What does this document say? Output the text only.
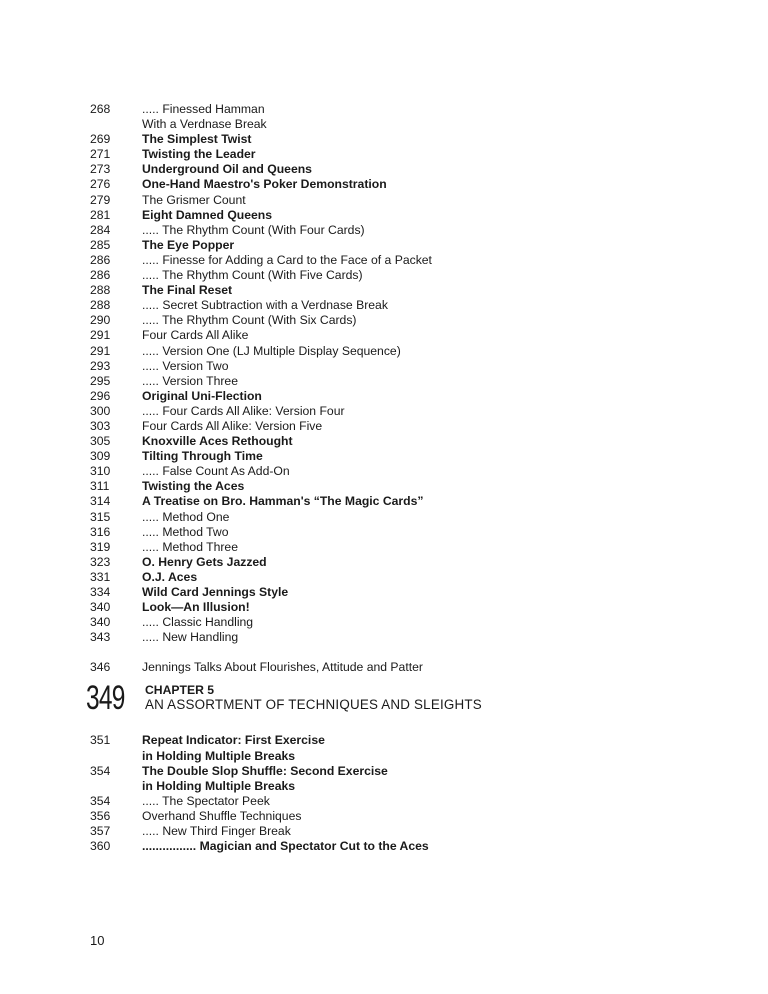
268	..... Finessed Hamman
With a Verdnase Break
269	The Simplest Twist
271	Twisting the Leader
273	Underground Oil and Queens
276	One-Hand Maestro's Poker Demonstration
279	The Grismer Count
281	Eight Damned Queens
284	..... The Rhythm Count (With Four Cards)
285	The Eye Popper
286	..... Finesse for Adding a Card to the Face of a Packet
286	..... The Rhythm Count (With Five Cards)
288	The Final Reset
288	..... Secret Subtraction with a Verdnase Break
290	..... The Rhythm Count (With Six Cards)
291	Four Cards All Alike
291	..... Version One (LJ Multiple Display Sequence)
293	..... Version Two
295	..... Version Three
296	Original Uni-Flection
300	..... Four Cards All Alike: Version Four
303	Four Cards All Alike: Version Five
305	Knoxville Aces Rethought
309	Tilting Through Time
310	..... False Count As Add-On
311	Twisting the Aces
314	A Treatise on Bro. Hamman's “The Magic Cards”
315	..... Method One
316	..... Method Two
319	..... Method Three
323	O. Henry Gets Jazzed
331	O.J. Aces
334	Wild Card Jennings Style
340	Look—An Illusion!
340	..... Classic Handling
343	..... New Handling
346	Jennings Talks About Flourishes, Attitude and Patter
349 CHAPTER 5
AN ASSORTMENT OF TECHNIQUES AND SLEIGHTS
351	Repeat Indicator: First Exercise
in Holding Multiple Breaks
354	The Double Slop Shuffle: Second Exercise
in Holding Multiple Breaks
354	..... The Spectator Peek
356	Overhand Shuffle Techniques
357	..... New Third Finger Break
360	................ Magician and Spectator Cut to the Aces
10
